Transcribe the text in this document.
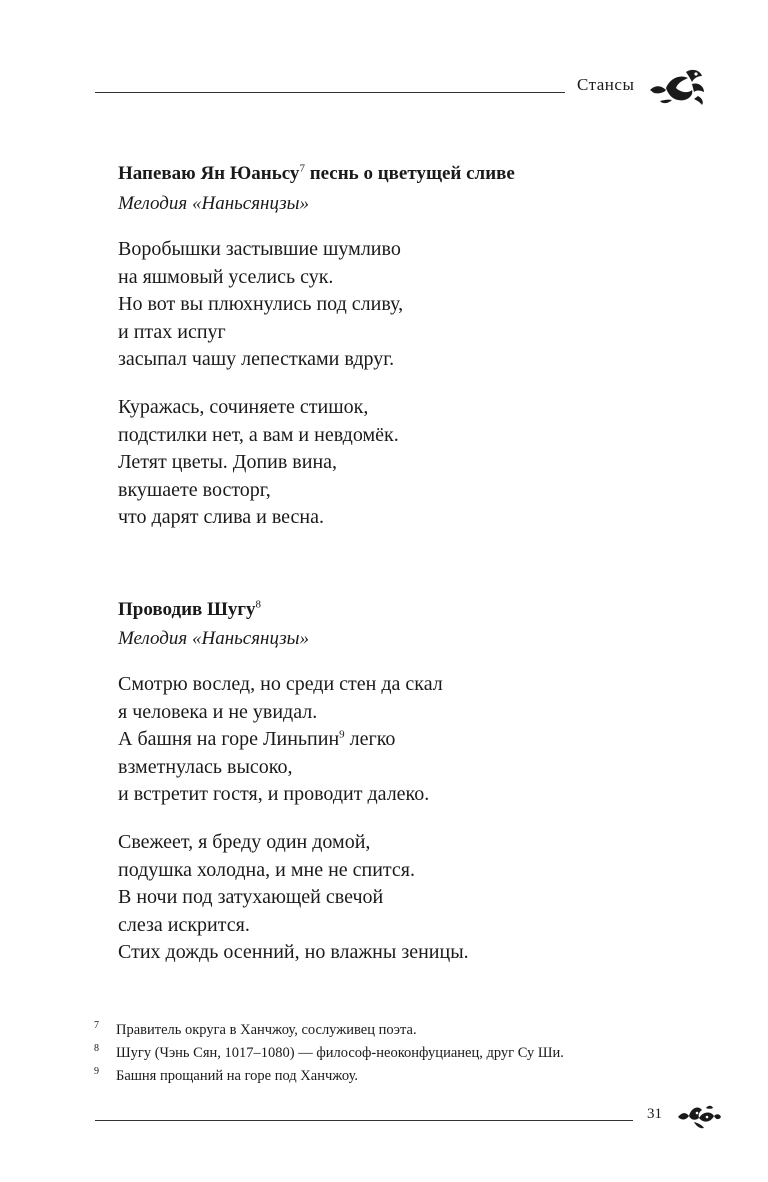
Стансы
Напеваю Ян Юаньсу$^7$ песнь о цветущей сливе
Мелодия «Наньсянцзы»
Воробышки застывшие шумливо
на яшмовый уселись сук.
Но вот вы плюхнулись под сливу,
и птах испуг
засыпал чашу лепестками вдруг.
Куражась, сочиняете стишок,
подстилки нет, а вам и невдомёк.
Летят цветы. Допив вина,
вкушаете восторг,
что дарят слива и весна.
Проводив Шугу$^8$
Мелодия «Наньсянцзы»
Смотрю вослед, но среди стен да скал
я человека и не увидал.
А башня на горе Линьпин$^9$ легко
взметнулась высоко,
и встретит гостя, и проводит далеко.
Свежеет, я бреду один домой,
подушка холодна, и мне не спится.
В ночи под затухающей свечой
слеза искрится.
Стих дождь осенний, но влажны зеницы.
7 Правитель округа в Ханчжоу, сослуживец поэта.
8 Шугу (Чэнь Сян, 1017–1080) — философ-неоконфуцианец, друг Су Ши.
9 Башня прощаний на горе под Ханчжоу.
31
